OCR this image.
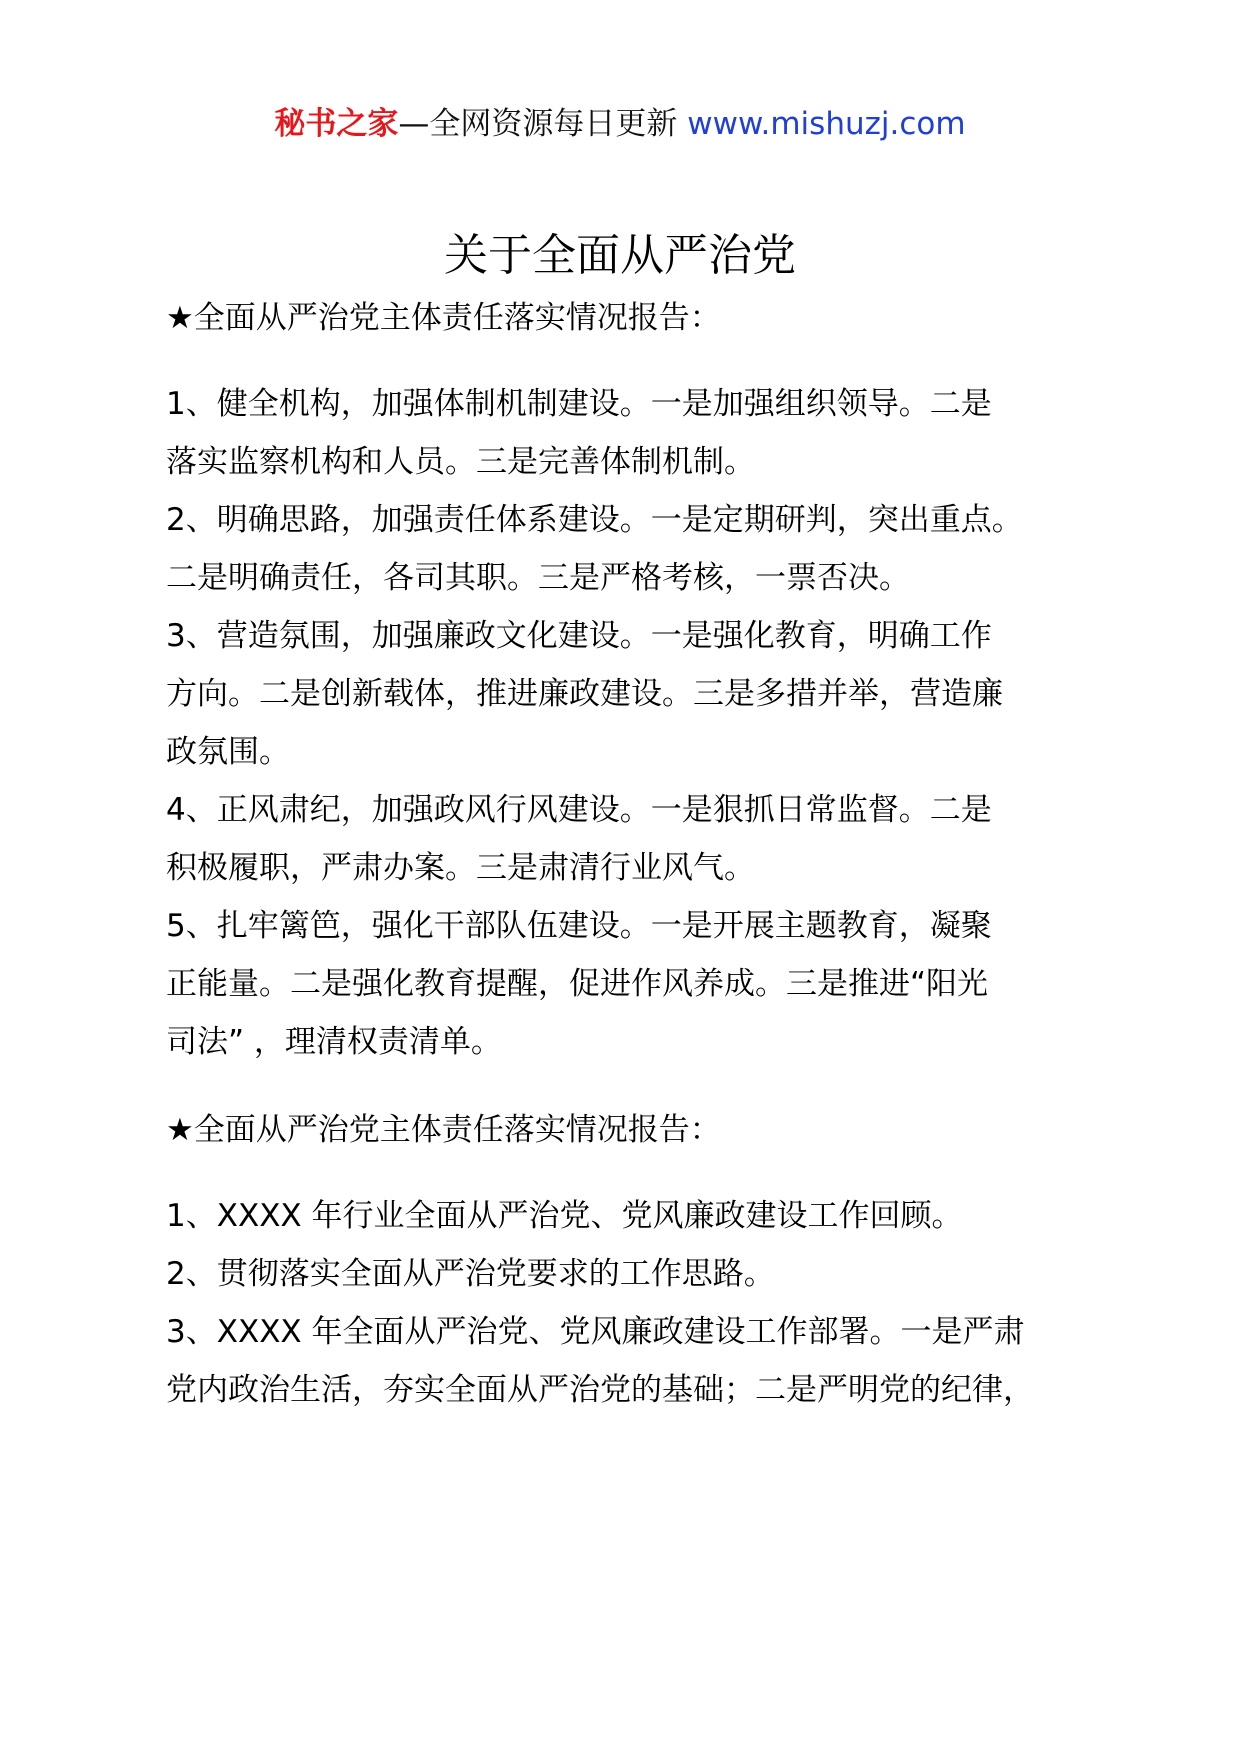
秘书之家—全网资源每日更新 www.mishuzj.com
关于全面从严治党
★全面从严治党主体责任落实情况报告：
1、健全机构，加强体制机制建设。一是加强组织领导。二是
落实监察机构和人员。三是完善体制机制。
2、明确思路，加强责任体系建设。一是定期研判，突出重点。
二是明确责任，各司其职。三是严格考核，一票否决。
3、营造氛围，加强廉政文化建设。一是强化教育，明确工作
方向。二是创新载体，推进廉政建设。三是多措并举，营造廉
政氛围。
4、正风肃纪，加强政风行风建设。一是狠抓日常监督。二是
积极履职，严肃办案。三是肃清行业风气。
5、扎牢篱笆，强化干部队伍建设。一是开展主题教育，凝聚
正能量。二是强化教育提醒，促进作风养成。三是推进“阳光
司法” ，理清权责清单。
★全面从严治党主体责任落实情况报告：
1、XXXX 年行业全面从严治党、党风廉政建设工作回顾。
2、贯彻落实全面从严治党要求的工作思路。
3、XXXX 年全面从严治党、党风廉政建设工作部署。一是严肃
党内政治生活，夯实全面从严治党的基础；二是严明党的纪律，
